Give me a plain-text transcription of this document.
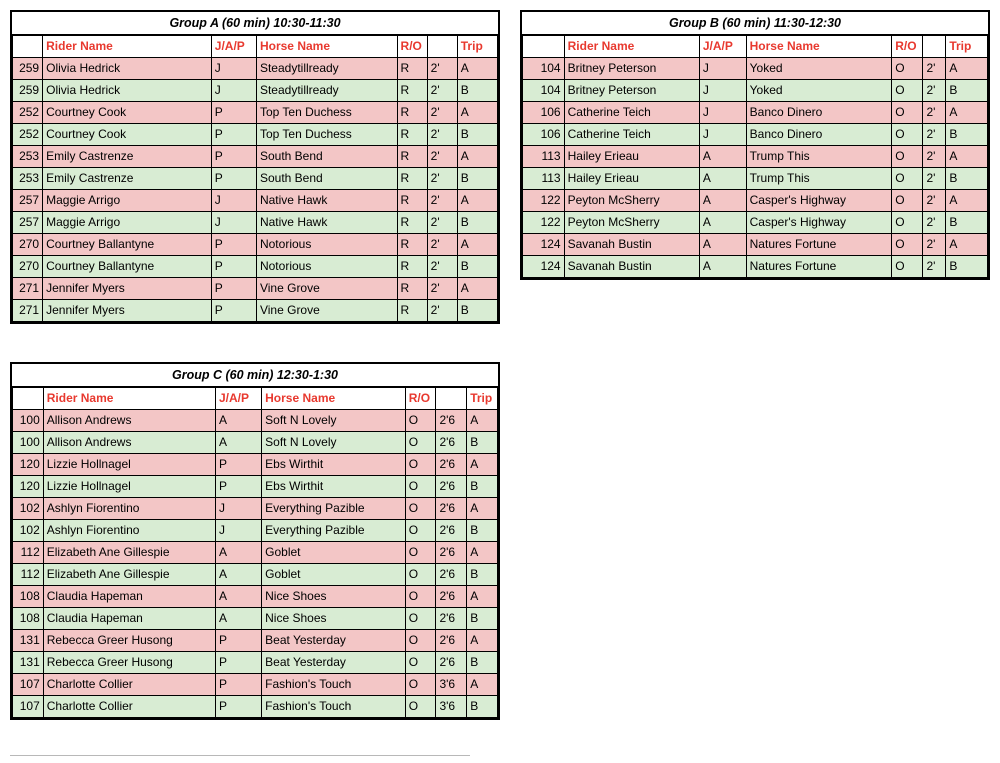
Group A (60 min) 10:30-11:30
	Rider Name	J/A/P	Horse Name	R/O		Trip
259	Olivia Hedrick	J	Steadytillready	R	2'	A
259	Olivia Hedrick	J	Steadytillready	R	2'	B
252	Courtney Cook	P	Top Ten Duchess	R	2'	A
252	Courtney Cook	P	Top Ten Duchess	R	2'	B
253	Emily Castrenze	P	South Bend	R	2'	A
253	Emily Castrenze	P	South Bend	R	2'	B
257	Maggie Arrigo	J	Native Hawk	R	2'	A
257	Maggie Arrigo	J	Native Hawk	R	2'	B
270	Courtney Ballantyne	P	Notorious	R	2'	A
270	Courtney Ballantyne	P	Notorious	R	2'	B
271	Jennifer Myers	P	Vine Grove	R	2'	A
271	Jennifer Myers	P	Vine Grove	R	2'	B
Group B (60 min) 11:30-12:30
	Rider Name	J/A/P	Horse Name	R/O		Trip
104	Britney Peterson	J	Yoked	O	2'	A
104	Britney Peterson	J	Yoked	O	2'	B
106	Catherine Teich	J	Banco Dinero	O	2'	A
106	Catherine Teich	J	Banco Dinero	O	2'	B
113	Hailey Erieau	A	Trump This	O	2'	A
113	Hailey Erieau	A	Trump This	O	2'	B
122	Peyton McSherry	A	Casper's Highway	O	2'	A
122	Peyton McSherry	A	Casper's Highway	O	2'	B
124	Savanah Bustin	A	Natures Fortune	O	2'	A
124	Savanah Bustin	A	Natures Fortune	O	2'	B
Group C (60 min) 12:30-1:30
	Rider Name	J/A/P	Horse Name	R/O		Trip
100	Allison Andrews	A	Soft N Lovely	O	2'6	A
100	Allison Andrews	A	Soft N Lovely	O	2'6	B
120	Lizzie Hollnagel	P	Ebs Wirthit	O	2'6	A
120	Lizzie Hollnagel	P	Ebs Wirthit	O	2'6	B
102	Ashlyn Fiorentino	J	Everything Pazible	O	2'6	A
102	Ashlyn Fiorentino	J	Everything Pazible	O	2'6	B
112	Elizabeth Ane Gillespie	A	Goblet	O	2'6	A
112	Elizabeth Ane Gillespie	A	Goblet	O	2'6	B
108	Claudia Hapeman	A	Nice Shoes	O	2'6	A
108	Claudia Hapeman	A	Nice Shoes	O	2'6	B
131	Rebecca Greer Husong	P	Beat Yesterday	O	2'6	A
131	Rebecca Greer Husong	P	Beat Yesterday	O	2'6	B
107	Charlotte Collier	P	Fashion's Touch	O	3'6	A
107	Charlotte Collier	P	Fashion's Touch	O	3'6	B
